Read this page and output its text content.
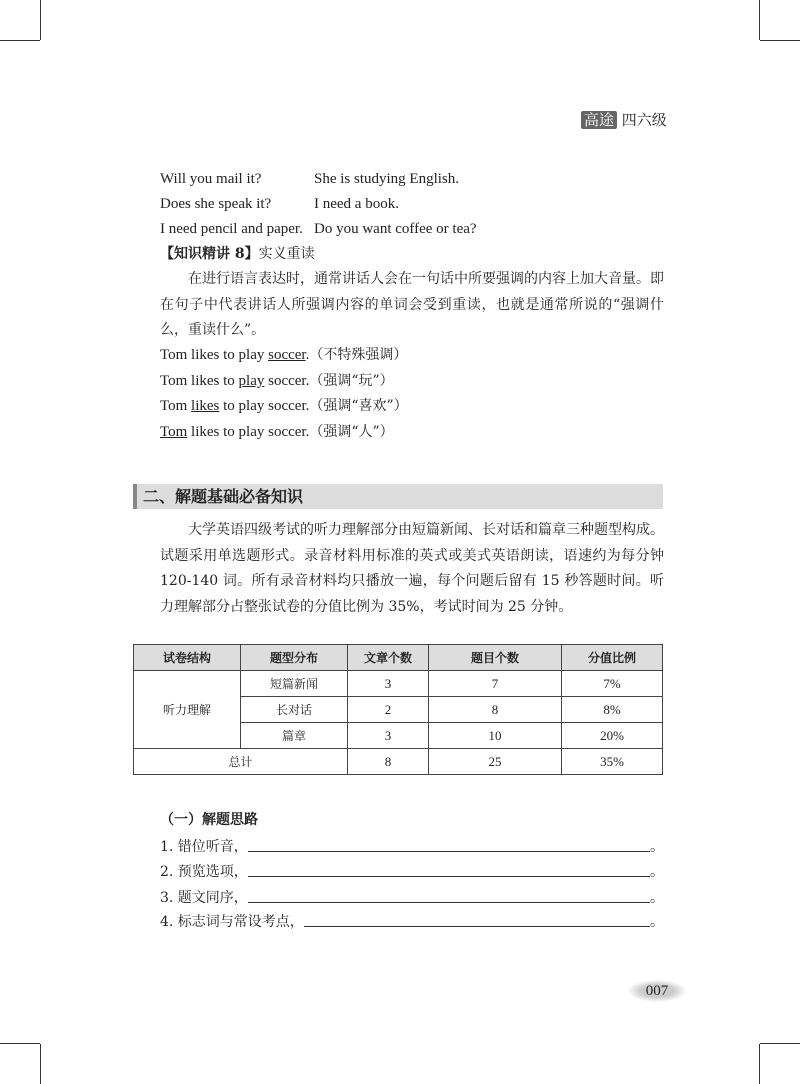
高途 四六级
Will you mail it?	She is studying English.
Does she speak it?	I need a book.
I need pencil and paper. Do you want coffee or tea?
【知识精讲 8】实义重读
在进行语言表达时，通常讲话人会在一句话中所要强调的内容上加大音量。即在句子中代表讲话人所强调内容的单词会受到重读，也就是通常所说的“强调什么，重读什么”。
Tom likes to play soccer.（不特殊强调）
Tom likes to play soccer.（强调“玩”）
Tom likes to play soccer.（强调“喜欢”）
Tom likes to play soccer.（强调“人”）
二、解题基础必备知识
大学英语四级考试的听力理解部分由短篇新闻、长对话和篇章三种题型构成。试题采用单选题形式。录音材料用标准的英式或美式英语朗读，语速约为每分钟 120-140 词。所有录音材料均只播放一遍，每个问题后留有 15 秒答题时间。听力理解部分占整张试卷的分值比例为 35%，考试时间为 25 分钟。
试卷结构	题型分布	文章个数	题目个数	分值比例
听力理解	短篇新闻	3	7	7%
	长对话	2	8	8%
	篇章	3	10	20%
总计		8	25	35%
（一）解题思路
1. 错位听音，	。
2. 预览选项，	。
3. 题文同序，	。
4. 标志词与常设考点，	。
007
